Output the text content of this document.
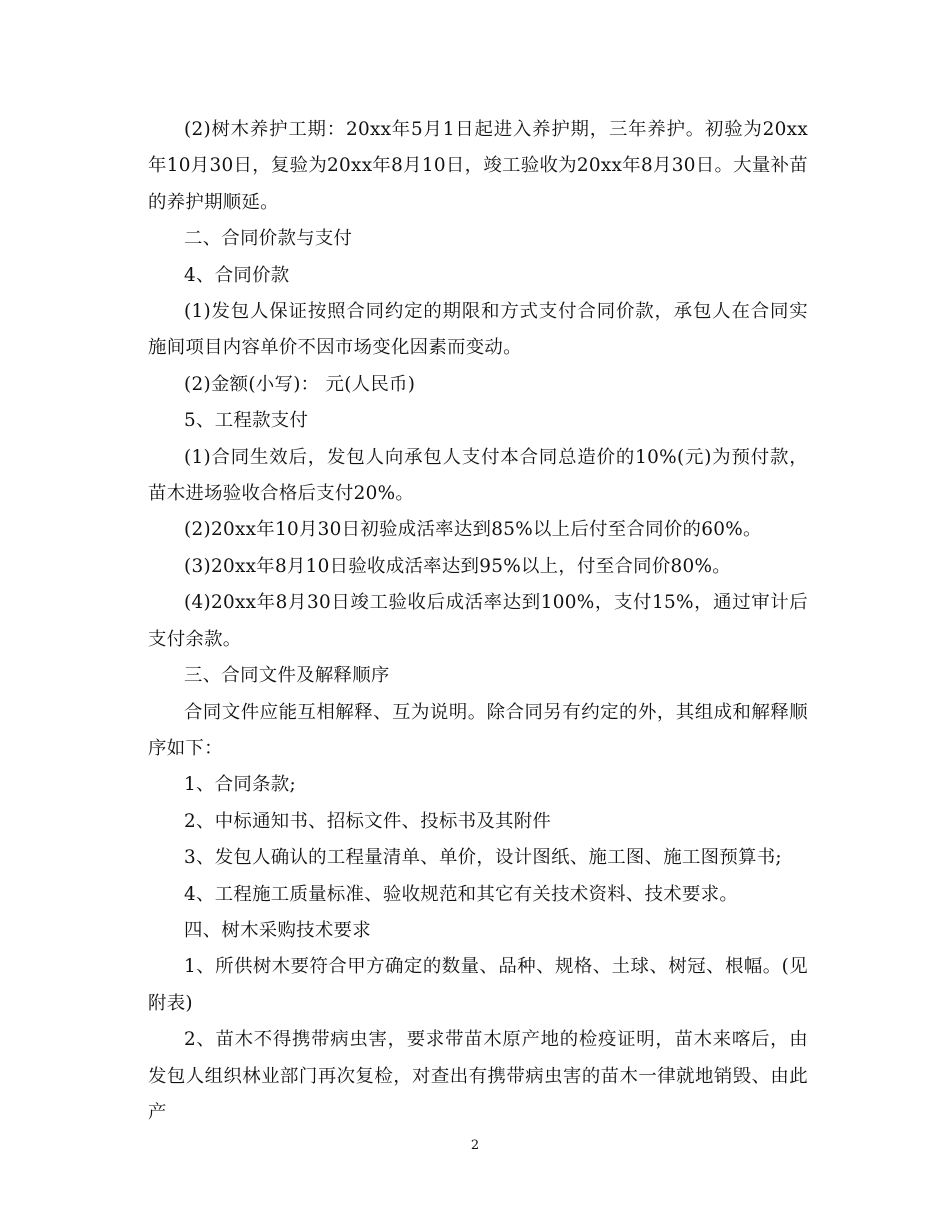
(2)树木养护工期：20xx年5月1日起进入养护期，三年养护。初验为20xx年10月30日，复验为20xx年8月10日，竣工验收为20xx年8月30日。大量补苗的养护期顺延。

二、合同价款与支付

4、合同价款

(1)发包人保证按照合同约定的期限和方式支付合同价款，承包人在合同实施间项目内容单价不因市场变化因素而变动。

(2)金额(小写)： 元(人民币)

5、工程款支付

(1)合同生效后，发包人向承包人支付本合同总造价的10%(元)为预付款，苗木进场验收合格后支付20%。

(2)20xx年10月30日初验成活率达到85%以上后付至合同价的60%。

(3)20xx年8月10日验收成活率达到95%以上，付至合同价80%。

(4)20xx年8月30日竣工验收后成活率达到100%，支付15%，通过审计后支付余款。

三、合同文件及解释顺序

合同文件应能互相解释、互为说明。除合同另有约定的外，其组成和解释顺序如下：

1、合同条款;

2、中标通知书、招标文件、投标书及其附件

3、发包人确认的工程量清单、单价，设计图纸、施工图、施工图预算书;

4、工程施工质量标准、验收规范和其它有关技术资料、技术要求。

四、树木采购技术要求

1、所供树木要符合甲方确定的数量、品种、规格、土球、树冠、根幅。(见附表)

2、苗木不得携带病虫害，要求带苗木原产地的检疫证明，苗木来喀后，由发包人组织林业部门再次复检，对查出有携带病虫害的苗木一律就地销毁、由此产

2
